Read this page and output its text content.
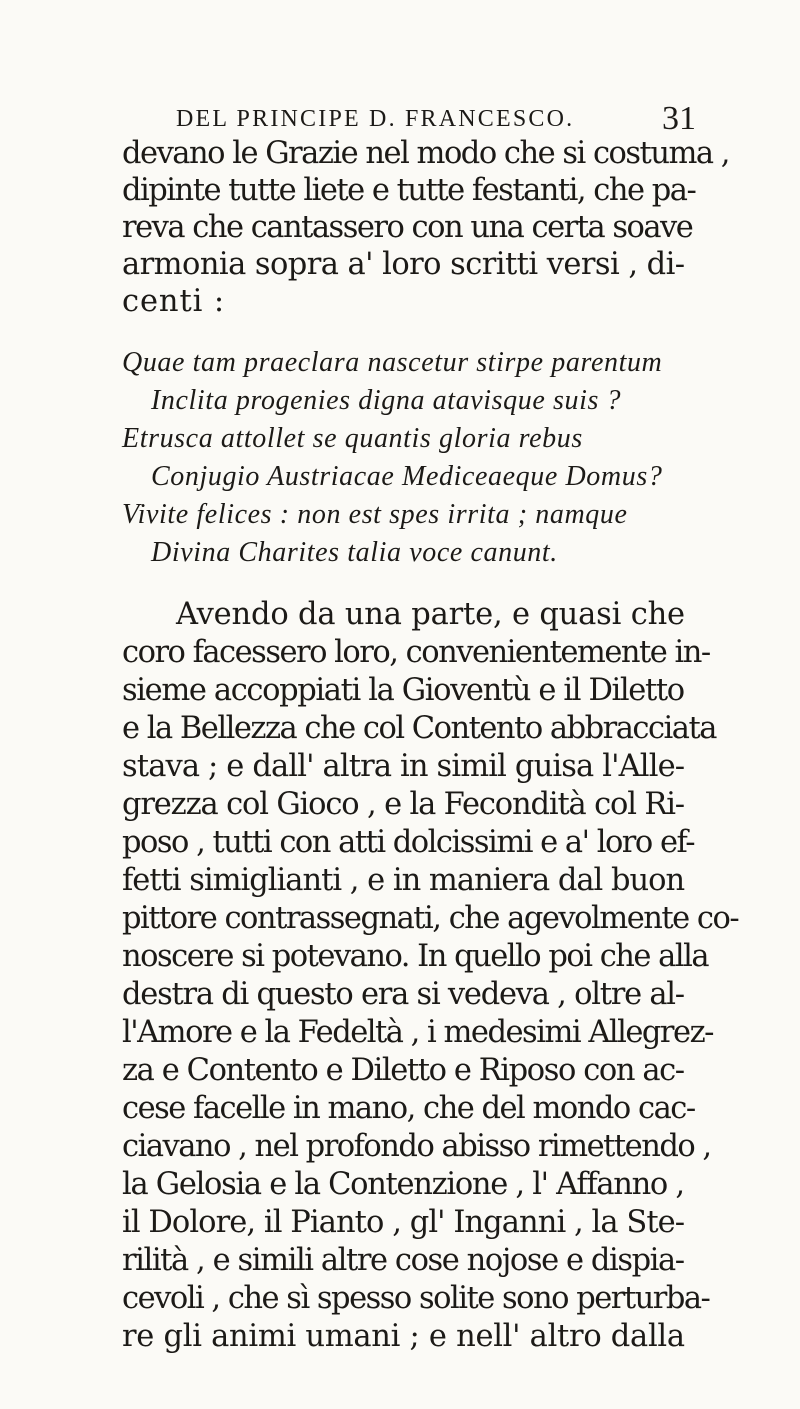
DEL PRINCIPE D. FRANCESCO.	31
devano le Grazie nel modo che si costuma ,
dipinte tutte liete e tutte festanti, che pa-
reva che cantassero con una certa soave
armonia sopra a' loro scritti versi , di-
centi :
Quae tam praeclara nascetur stirpe parentum
Inclita progenies digna atavisque suis ?
Etrusca attollet se quantis gloria rebus
Conjugio Austriacae Mediceaeque Domus?
Vivite felices : non est spes irrita ; namque
Divina Charites talia voce canunt.
Avendo da una parte, e quasi che
coro facessero loro, convenientemente in-
sieme accoppiati la Gioventù e il Diletto
e la Bellezza che col Contento abbracciata
stava ; e dall' altra in simil guisa l'Alle-
grezza col Gioco , e la Fecondità col Ri-
poso , tutti con atti dolcissimi e a' loro ef-
fetti simiglianti , e in maniera dal buon
pittore contrassegnati, che agevolmente co-
noscere si potevano. In quello poi che alla
destra di questo era si vedeva , oltre al-
l'Amore e la Fedeltà , i medesimi Allegrez-
za e Contento e Diletto e Riposo con ac-
cese facelle in mano, che del mondo cac-
ciavano , nel profondo abisso rimettendo ,
la Gelosia e la Contenzione , l' Affanno ,
il Dolore, il Pianto , gl' Inganni , la Ste-
rilità , e simili altre cose nojose e dispia-
cevoli , che sì spesso solite sono perturba-
re gli animi umani ; e nell' altro dalla
